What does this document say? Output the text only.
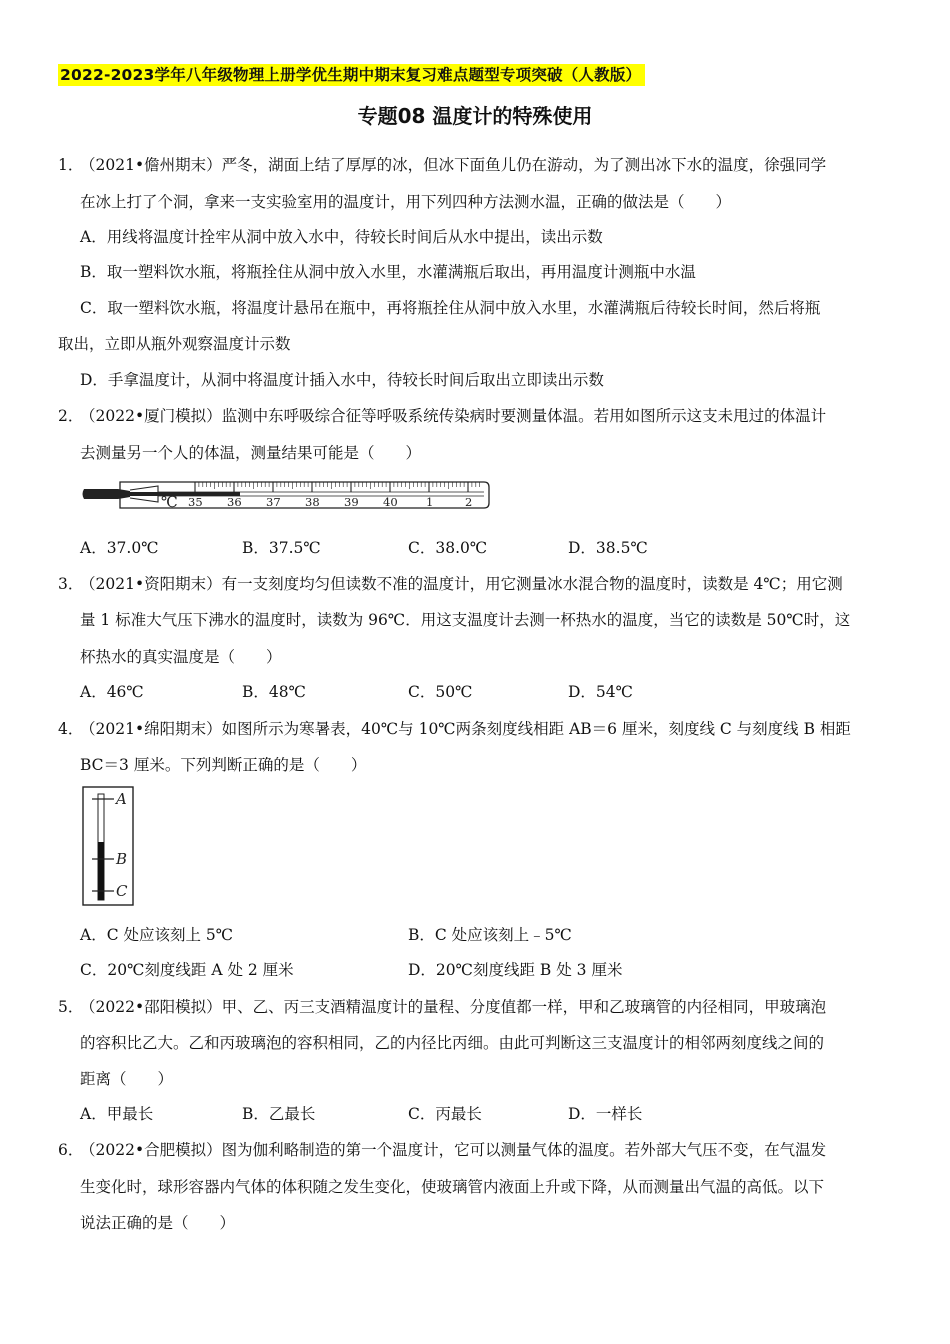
2022-2023学年八年级物理上册学优生期中期末复习难点题型专项突破（人教版）
专题08 温度计的特殊使用
1．
（2021•儋州期末）严冬，湖面上结了厚厚的冰，但冰下面鱼儿仍在游动，为了测出冰下水的温度，徐强同学
在冰上打了个洞，拿来一支实验室用的温度计，用下列四种方法测水温，正确的做法是（　　）
A．用线将温度计拴牢从洞中放入水中，待较长时间后从水中提出，读出示数
B．取一塑料饮水瓶，将瓶拴住从洞中放入水里，水灌满瓶后取出，再用温度计测瓶中水温
C．取一塑料饮水瓶，将温度计悬吊在瓶中，再将瓶拴住从洞中放入水里，水灌满瓶后待较长时间，然后将瓶
取出，立即从瓶外观察温度计示数
D．手拿温度计，从洞中将温度计插入水中，待较长时间后取出立即读出示数
2．
（2022•厦门模拟）监测中东呼吸综合征等呼吸系统传染病时要测量体温。若用如图所示这支未甩过的体温计
去测量另一个人的体温，测量结果可能是（　　）
℃ 35 36 37 38 39 40 1	2
A．37.0℃	B．37.5℃	C．38.0℃	D．38.5℃
3．
（2021•资阳期末）有一支刻度均匀但读数不准的温度计，用它测量冰水混合物的温度时，读数是 4℃；用它测
量 1 标准大气压下沸水的温度时，读数为 96℃．用这支温度计去测一杯热水的温度，当它的读数是 50℃时，这
杯热水的真实温度是（　　）
A．46℃	B．48℃	C．50℃	D．54℃
4．
（2021•绵阳期末）如图所示为寒暑表，40℃与 10℃两条刻度线相距 AB＝6 厘米，刻度线 C 与刻度线 B 相距
BC＝3 厘米。下列判断正确的是（　　）
A
B
C
A．C 处应该刻上 5℃	B．C 处应该刻上﹣5℃
C．20℃刻度线距 A 处 2 厘米	D．20℃刻度线距 B 处 3 厘米
5．
（2022•邵阳模拟）甲、乙、丙三支酒精温度计的量程、分度值都一样，甲和乙玻璃管的内径相同，甲玻璃泡
的容积比乙大。乙和丙玻璃泡的容积相同，乙的内径比丙细。由此可判断这三支温度计的相邻两刻度线之间的
距离（　　）
A．甲最长	B．乙最长	C．丙最长	D．一样长
6．
（2022•合肥模拟）图为伽利略制造的第一个温度计，它可以测量气体的温度。若外部大气压不变，在气温发
生变化时，球形容器内气体的体积随之发生变化，使玻璃管内液面上升或下降，从而测量出气温的高低。以下
说法正确的是（　　）
